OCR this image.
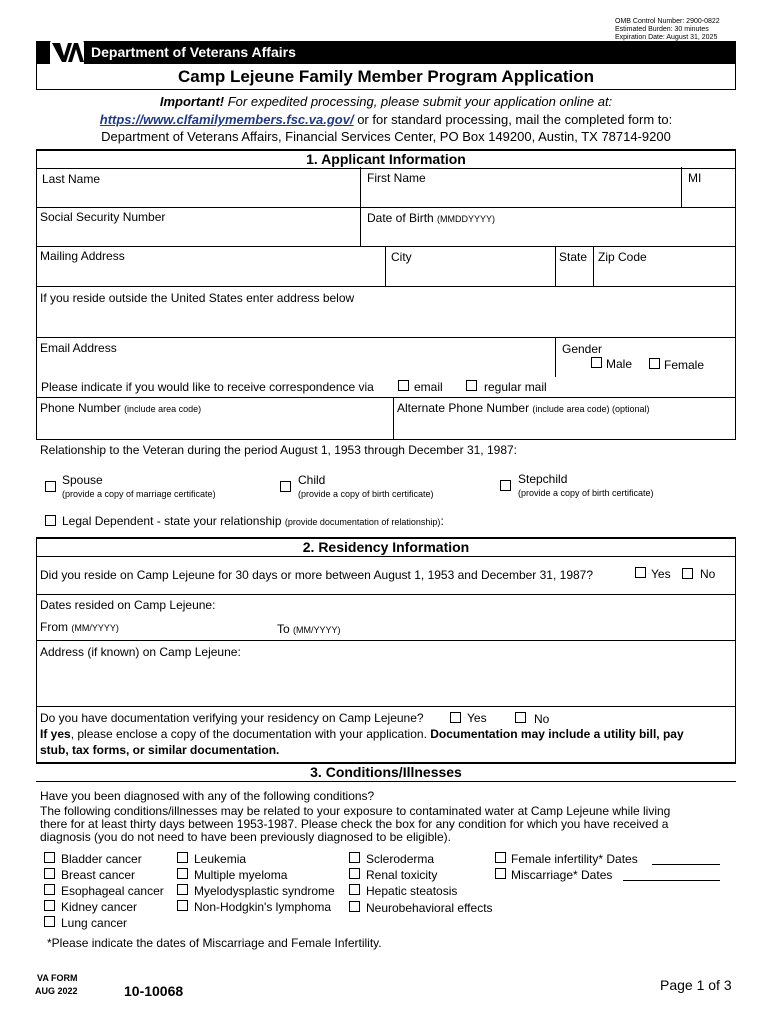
OMB Control Number: 2900-0822
Estimated Burden: 30 minutes
Expiration Date: August 31, 2025
Department of Veterans Affairs
Camp Lejeune Family Member Program Application
Important! For expedited processing, please submit your application online at:
https://www.clfamilymembers.fsc.va.gov/ or for standard processing, mail the completed form to:
Department of Veterans Affairs, Financial Services Center, PO Box 149200, Austin, TX 78714-9200
1. Applicant Information
Last Name	First Name	MI
Social Security Number	Date of Birth (MMDDYYYY)
Mailing Address	City	State Zip Code
If you reside outside the United States enter address below
Email Address	Gender
Male	Female
Please indicate if you would like to receive correspondence via	email	regular mail
Phone Number (include area code)	Alternate Phone Number (include area code) (optional)
Relationship to the Veteran during the period August 1, 1953 through December 31, 1987:
Spouse
(provide a copy of marriage certificate)
Child
(provide a copy of birth certificate)
Stepchild
(provide a copy of birth certificate)
Legal Dependent - state your relationship (provide documentation of relationship):
2. Residency Information
Did you reside on Camp Lejeune for 30 days or more between August 1, 1953 and December 31, 1987?	Yes No
Dates resided on Camp Lejeune:
From (MM/YYYY)	To (MM/YYYY)
Address (if known) on Camp Lejeune:
Do you have documentation verifying your residency on Camp Lejeune?	Yes	No
If yes, please enclose a copy of the documentation with your application. Documentation may include a utility bill, pay
stub, tax forms, or similar documentation.
3. Conditions/Illnesses
Have you been diagnosed with any of the following conditions?
The following conditions/illnesses may be related to your exposure to contaminated water at Camp Lejeune while living
there for at least thirty days between 1953-1987. Please check the box for any condition for which you have received a
diagnosis (you do not need to have been previously diagnosed to be eligible).
Bladder cancer
Breast cancer
Esophageal cancer
Kidney cancer
Lung cancer
Leukemia
Multiple myeloma
Myelodysplastic syndrome
Non-Hodgkin's lymphoma
Scleroderma
Renal toxicity
Hepatic steatosis
Neurobehavioral effects
Female infertility* Dates
Miscarriage* Dates
*Please indicate the dates of Miscarriage and Female Infertility.
VA FORM
AUG 2022	10-10068	Page 1 of 3
